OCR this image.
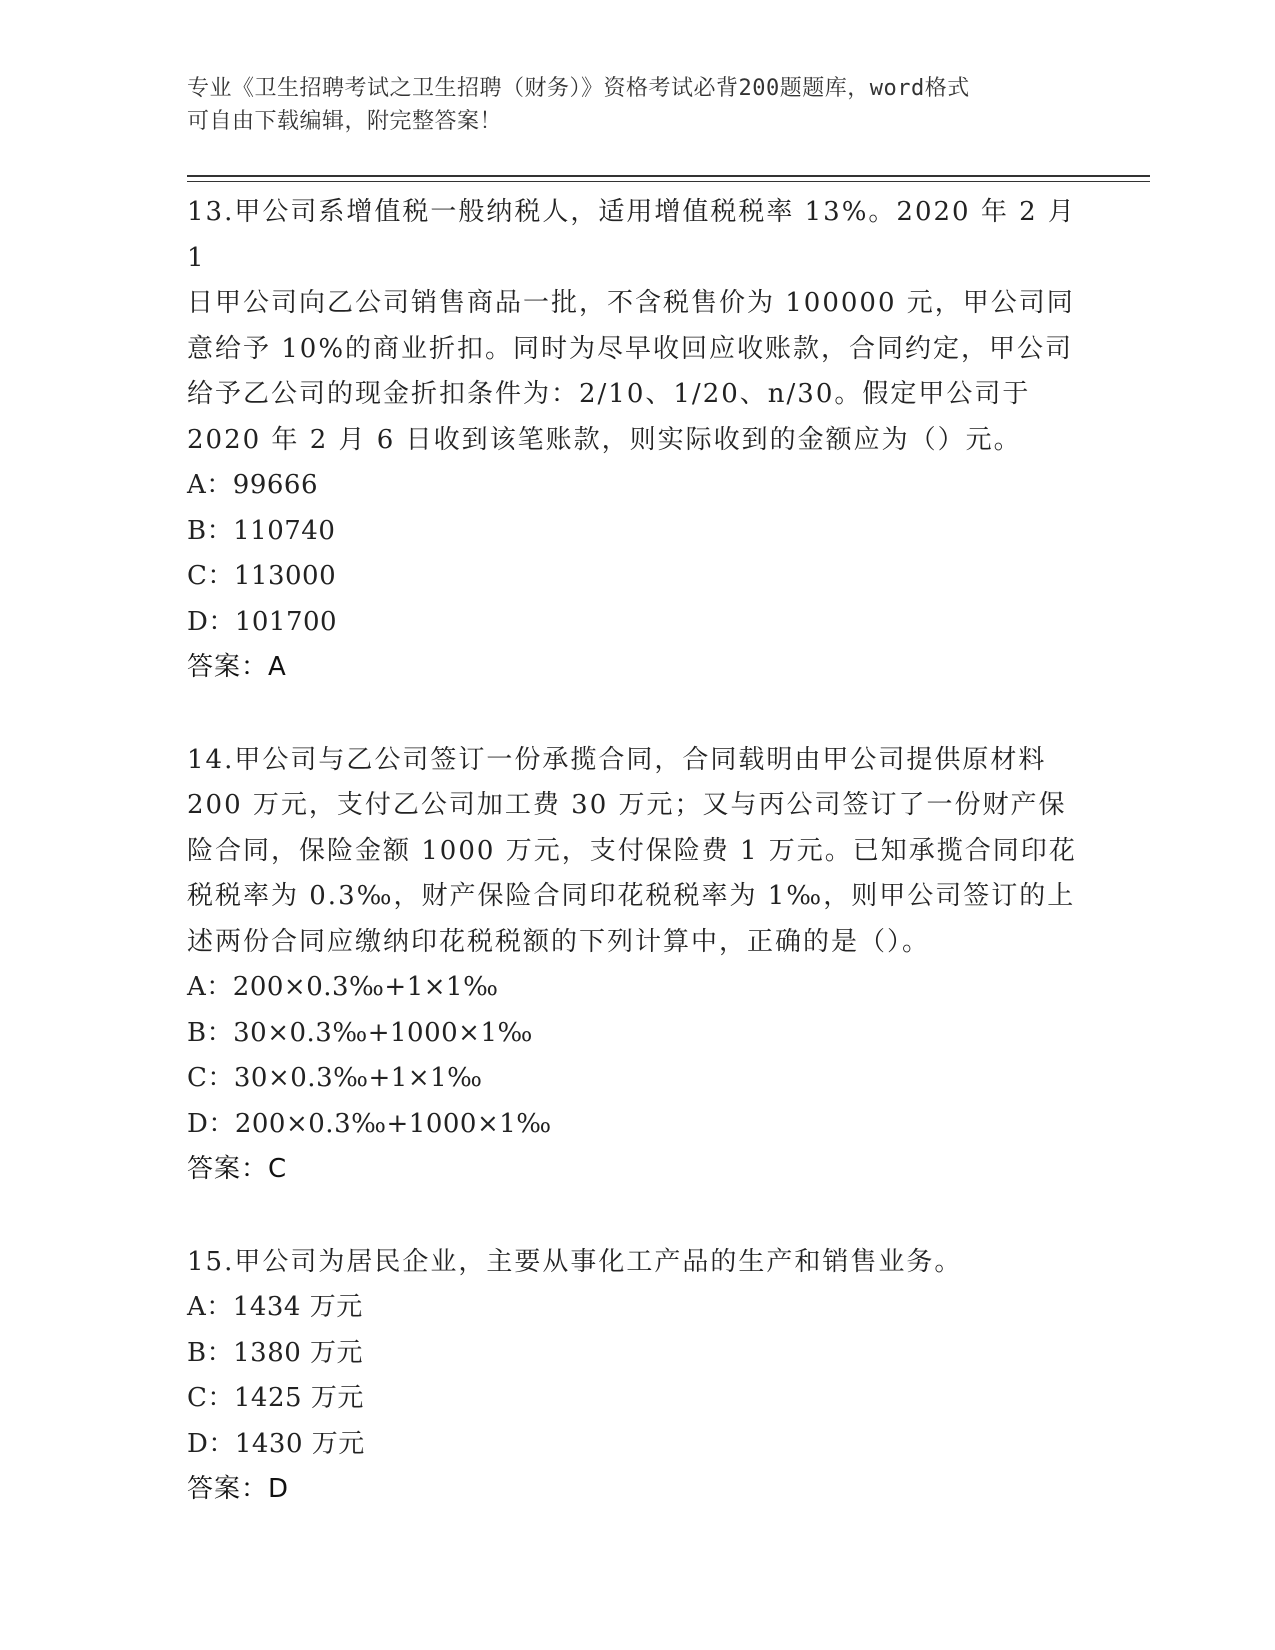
专业《卫生招聘考试之卫生招聘（财务）》资格考试必背200题题库，word格式
可自由下载编辑，附完整答案！
13.甲公司系增值税一般纳税人，适用增值税税率 13%。2020 年 2 月 1
日甲公司向乙公司销售商品一批，不含税售价为 100000 元，甲公司同
意给予 10%的商业折扣。同时为尽早收回应收账款，合同约定，甲公司
给予乙公司的现金折扣条件为：2/10、1/20、n/30。假定甲公司于
2020 年 2 月 6 日收到该笔账款，则实际收到的金额应为（）元。
A：99666
B：110740
C：113000
D：101700
答案：A
14.甲公司与乙公司签订一份承揽合同，合同载明由甲公司提供原材料
200 万元，支付乙公司加工费 30 万元；又与丙公司签订了一份财产保
险合同，保险金额 1000 万元，支付保险费 1 万元。已知承揽合同印花
税税率为 0.3‰，财产保险合同印花税税率为 1‰，则甲公司签订的上
述两份合同应缴纳印花税税额的下列计算中，正确的是（）。
A：200×0.3‰+1×1‰
B：30×0.3‰+1000×1‰
C：30×0.3‰+1×1‰
D：200×0.3‰+1000×1‰
答案：C
15.甲公司为居民企业，主要从事化工产品的生产和销售业务。
A：1434 万元
B：1380 万元
C：1425 万元
D：1430 万元
答案：D
